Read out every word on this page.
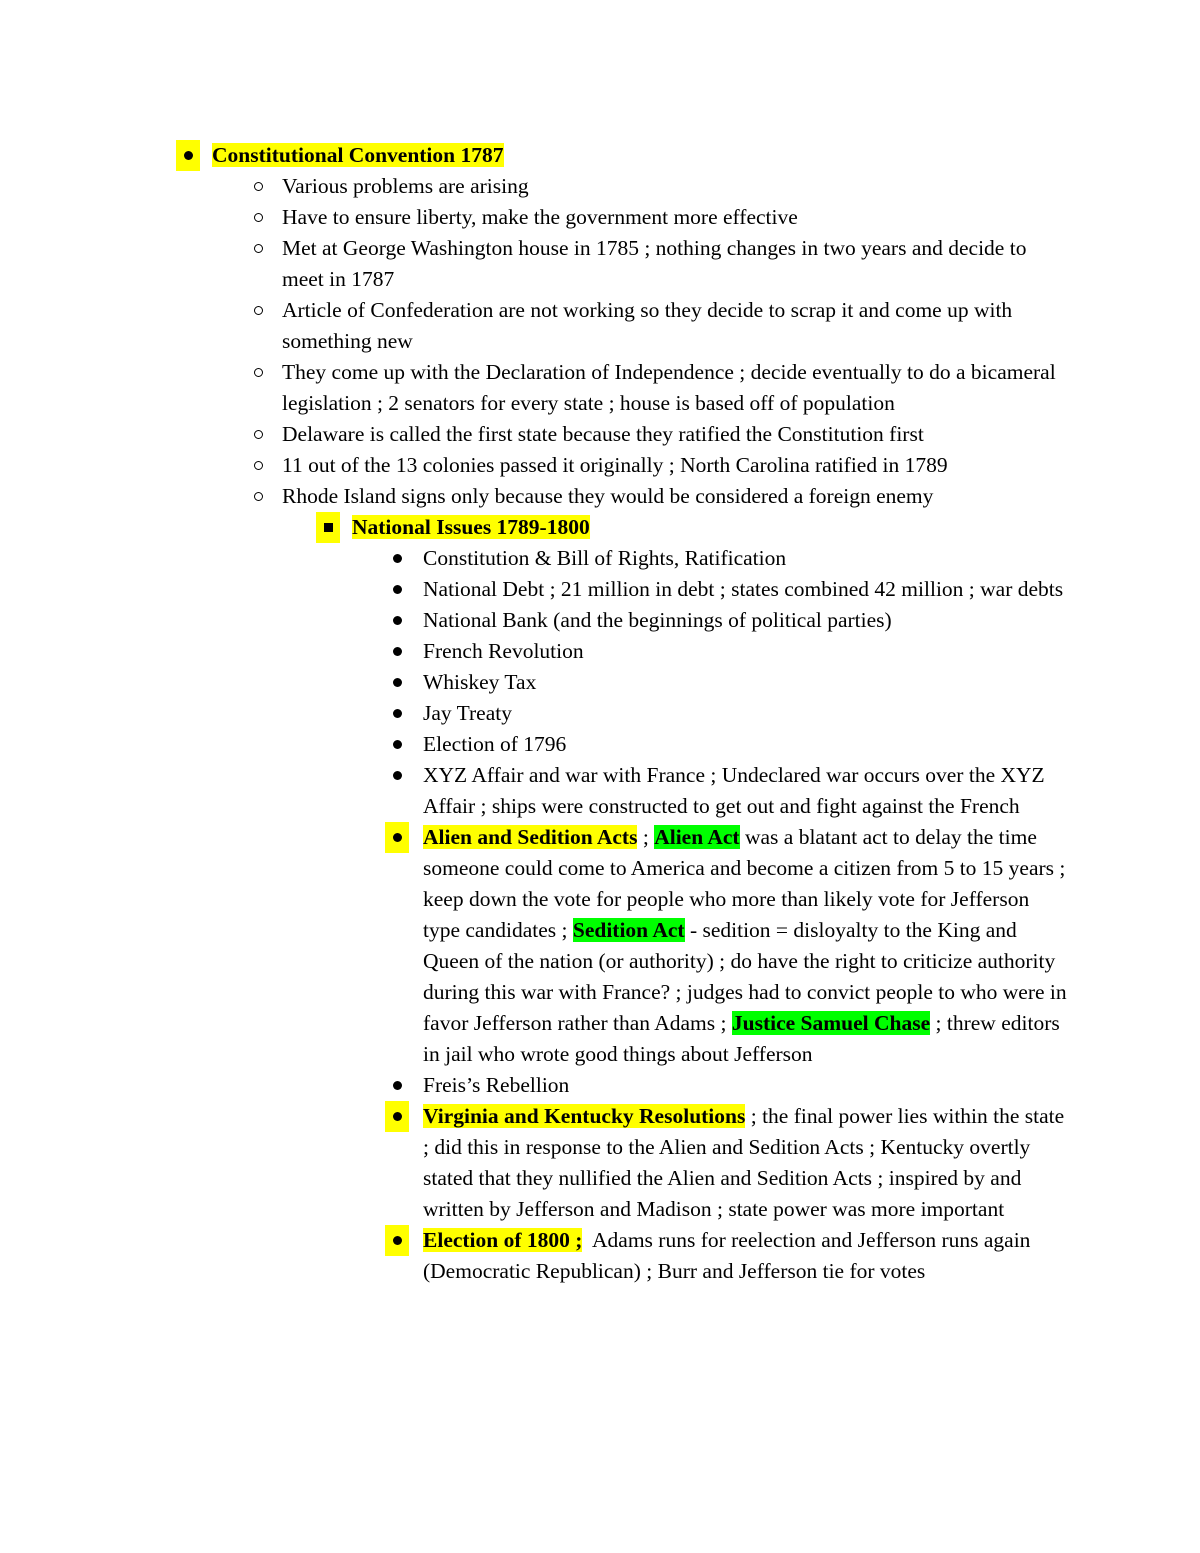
Constitutional Convention 1787
Various problems are arising
Have to ensure liberty, make the government more effective
Met at George Washington house in 1785 ; nothing changes in two years and decide to meet in 1787
Article of Confederation are not working so they decide to scrap it and come up with something new
They come up with the Declaration of Independence ; decide eventually to do a bicameral legislation ; 2 senators for every state ; house is based off of population
Delaware is called the first state because they ratified the Constitution first
11 out of the 13 colonies passed it originally ; North Carolina ratified in 1789
Rhode Island signs only because they would be considered a foreign enemy
National Issues 1789-1800
Constitution & Bill of Rights, Ratification
National Debt ; 21 million in debt ; states combined 42 million ; war debts
National Bank (and the beginnings of political parties)
French Revolution
Whiskey Tax
Jay Treaty
Election of 1796
XYZ Affair and war with France ; Undeclared war occurs over the XYZ Affair ; ships were constructed to get out and fight against the French
Alien and Sedition Acts ; Alien Act was a blatant act to delay the time someone could come to America and become a citizen from 5 to 15 years ; keep down the vote for people who more than likely vote for Jefferson type candidates ; Sedition Act - sedition = disloyalty to the King and Queen of the nation (or authority) ; do have the right to criticize authority during this war with France? ; judges had to convict people to who were in favor Jefferson rather than Adams ; Justice Samuel Chase ; threw editors in jail who wrote good things about Jefferson
Freis’s Rebellion
Virginia and Kentucky Resolutions ; the final power lies within the state ; did this in response to the Alien and Sedition Acts ; Kentucky overtly stated that they nullified the Alien and Sedition Acts ; inspired by and written by Jefferson and Madison ; state power was more important
Election of 1800 ;  Adams runs for reelection and Jefferson runs again (Democratic Republican) ; Burr and Jefferson tie for votes
